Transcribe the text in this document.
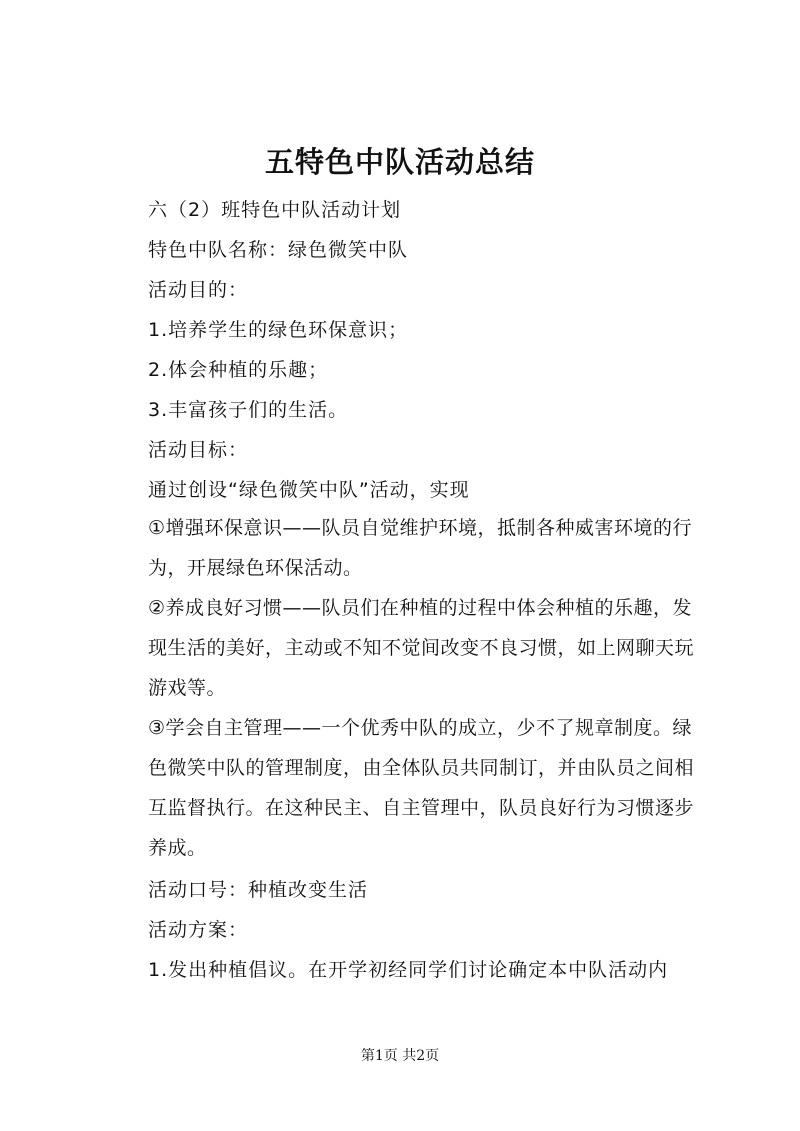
五特色中队活动总结
六（2）班特色中队活动计划
特色中队名称：绿色微笑中队
活动目的：
1.培养学生的绿色环保意识；
2.体会种植的乐趣；
3.丰富孩子们的生活。
活动目标：
通过创设“绿色微笑中队”活动，实现
①增强环保意识——队员自觉维护环境，抵制各种威害环境的行为，开展绿色环保活动。
②养成良好习惯——队员们在种植的过程中体会种植的乐趣，发现生活的美好，主动或不知不觉间改变不良习惯，如上网聊天玩游戏等。
③学会自主管理——一个优秀中队的成立，少不了规章制度。绿色微笑中队的管理制度，由全体队员共同制订，并由队员之间相互监督执行。在这种民主、自主管理中，队员良好行为习惯逐步养成。
活动口号：种植改变生活
活动方案：
1.发出种植倡议。在开学初经同学们讨论确定本中队活动内
第1页 共2页
